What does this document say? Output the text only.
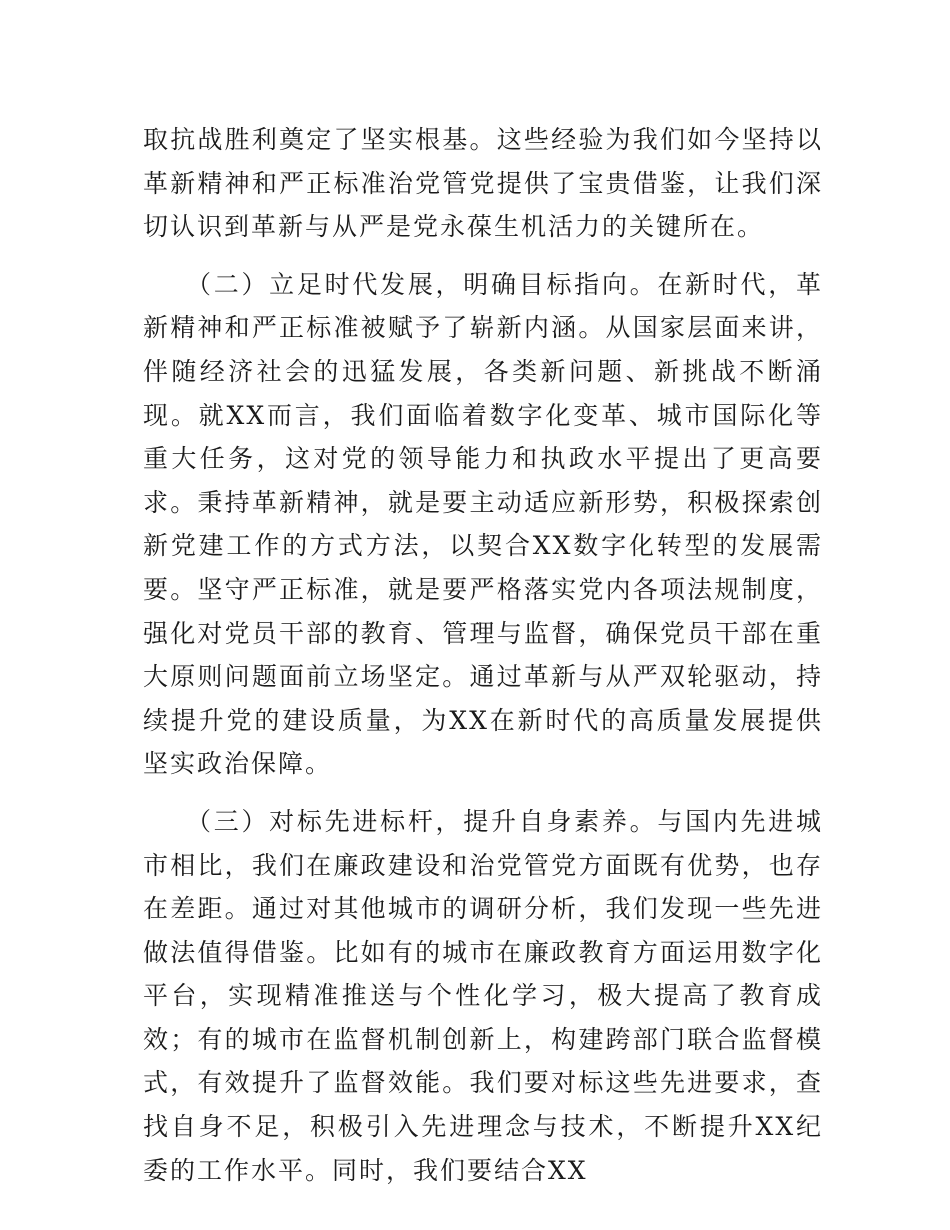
取抗战胜利奠定了坚实根基。这些经验为我们如今坚持以革新精神和严正标准治党管党提供了宝贵借鉴，让我们深切认识到革新与从严是党永葆生机活力的关键所在。

（二）立足时代发展，明确目标指向。在新时代，革新精神和严正标准被赋予了崭新内涵。从国家层面来讲，伴随经济社会的迅猛发展，各类新问题、新挑战不断涌现。就XX而言，我们面临着数字化变革、城市国际化等重大任务，这对党的领导能力和执政水平提出了更高要求。秉持革新精神，就是要主动适应新形势，积极探索创新党建工作的方式方法，以契合XX数字化转型的发展需要。坚守严正标准，就是要严格落实党内各项法规制度，强化对党员干部的教育、管理与监督，确保党员干部在重大原则问题面前立场坚定。通过革新与从严双轮驱动，持续提升党的建设质量，为XX在新时代的高质量发展提供坚实政治保障。

（三）对标先进标杆，提升自身素养。与国内先进城市相比，我们在廉政建设和治党管党方面既有优势，也存在差距。通过对其他城市的调研分析，我们发现一些先进做法值得借鉴。比如有的城市在廉政教育方面运用数字化平台，实现精准推送与个性化学习，极大提高了教育成效；有的城市在监督机制创新上，构建跨部门联合监督模式，有效提升了监督效能。我们要对标这些先进要求，查找自身不足，积极引入先进理念与技术，不断提升XX纪委的工作水平。同时，我们要结合XX
